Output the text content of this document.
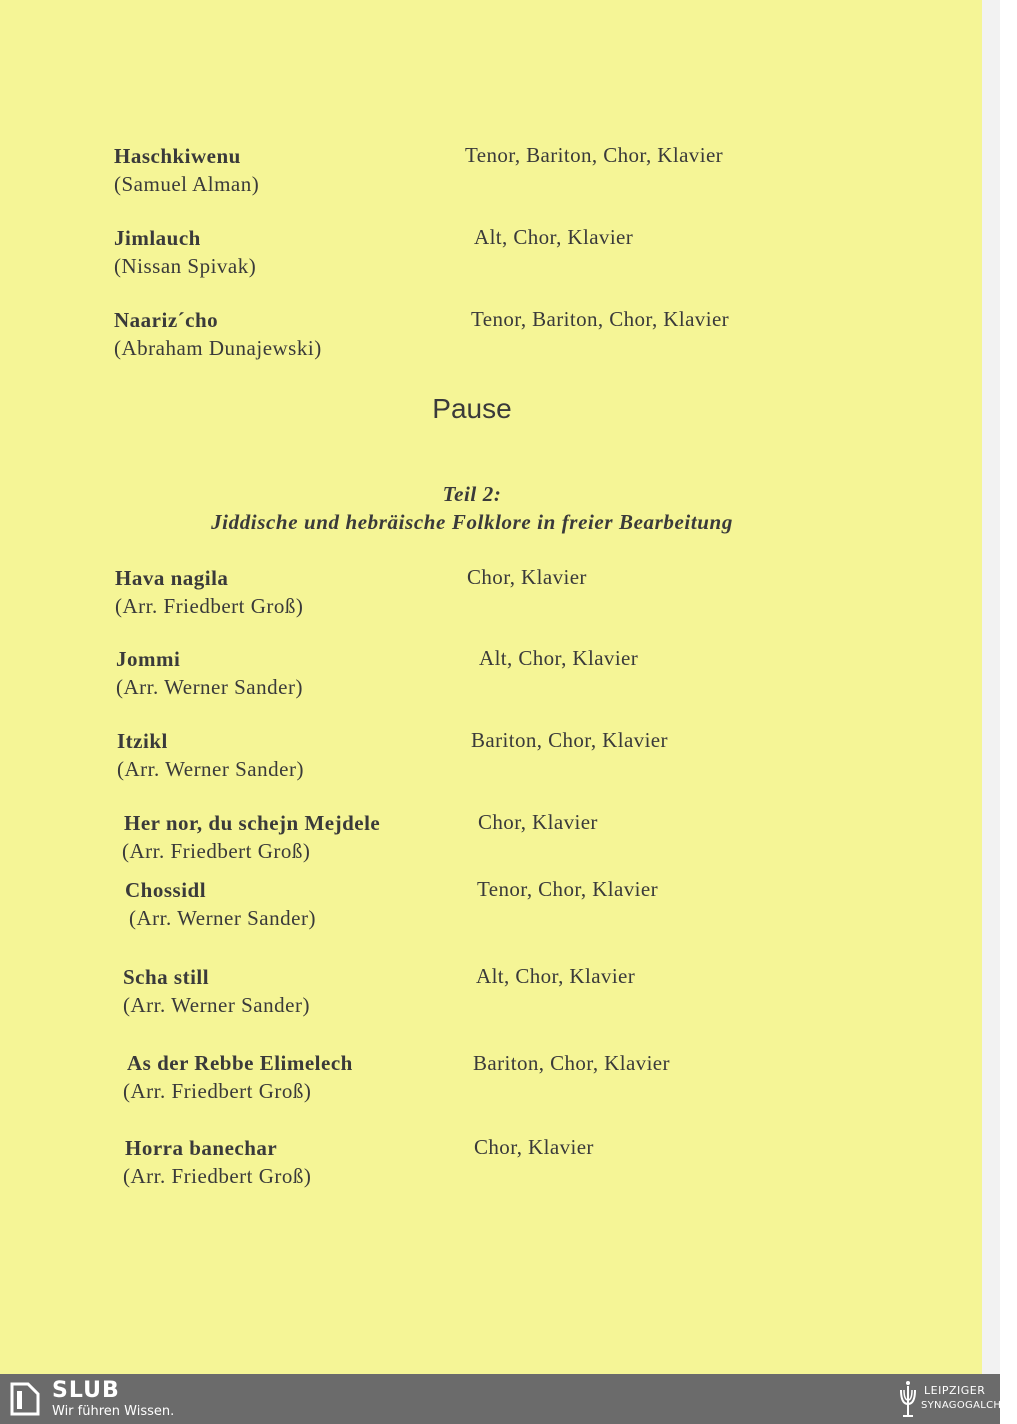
Haschkiwenu
(Samuel Alman)
Tenor, Bariton, Chor, Klavier
Jimlauch
(Nissan Spivak)
Alt, Chor, Klavier
Naariz´cho
(Abraham Dunajewski)
Tenor, Bariton, Chor, Klavier
Pause
Teil 2:
Jiddische und hebräische Folklore in freier Bearbeitung
Hava nagila
(Arr. Friedbert Groß)
Chor, Klavier
Jommi
(Arr. Werner Sander)
Alt, Chor, Klavier
Itzikl
(Arr. Werner Sander)
Bariton, Chor, Klavier
Her nor, du schejn Mejdele
(Arr. Friedbert Groß)
Chor, Klavier
Chossidl
(Arr. Werner Sander)
Tenor, Chor, Klavier
Scha still
(Arr. Werner Sander)
Alt, Chor, Klavier
As der Rebbe Elimelech
(Arr. Friedbert Groß)
Bariton, Chor, Klavier
Horra banechar
(Arr. Friedbert Groß)
Chor, Klavier
SLUB
Wir führen Wissen.
LEIPZIGER
SYNAGOGALCHOR
